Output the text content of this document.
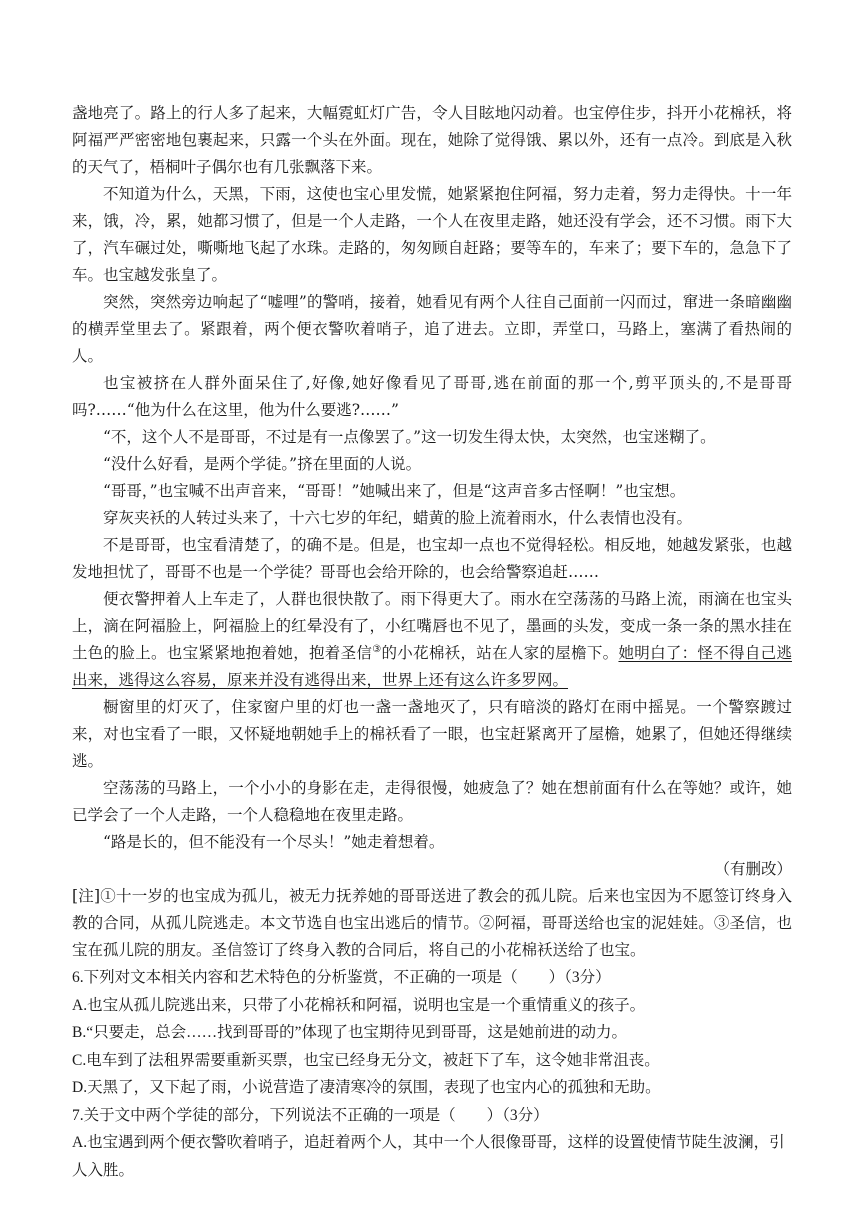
盏地亮了。路上的行人多了起来，大幅霓虹灯广告，令人目眩地闪动着。也宝停住步，抖开小花棉袄，将阿福严严密密地包裹起来，只露一个头在外面。现在，她除了觉得饿、累以外，还有一点冷。到底是入秋的天气了，梧桐叶子偶尔也有几张飘落下来。

不知道为什么，天黑，下雨，这使也宝心里发慌，她紧紧抱住阿福，努力走着，努力走得快。十一年来，饿，冷，累，她都习惯了，但是一个人走路，一个人在夜里走路，她还没有学会，还不习惯。雨下大了，汽车碾过处，嘶嘶地飞起了水珠。走路的，匆匆顾自赶路；要等车的，车来了；要下车的，急急下了车。也宝越发张皇了。

突然，突然旁边响起了“嘘哩”的警哨，接着，她看见有两个人往自己面前一闪而过，窜进一条暗幽幽的横弄堂里去了。紧跟着，两个便衣警吹着哨子，追了进去。立即，弄堂口，马路上，塞满了看热闹的人。

也宝被挤在人群外面呆住了,好像,她好像看见了哥哥,逃在前面的那一个,剪平顶头的,不是哥哥吗?……“他为什么在这里，他为什么要逃?……”

“不，这个人不是哥哥，不过是有一点像罢了。”这一切发生得太快，太突然，也宝迷糊了。

“没什么好看，是两个学徒。”挤在里面的人说。

“哥哥，”也宝喊不出声音来，“哥哥！”她喊出来了，但是“这声音多古怪啊！”也宝想。

穿灰夹袄的人转过头来了，十六七岁的年纪，蜡黄的脸上流着雨水，什么表情也没有。

不是哥哥，也宝看清楚了，的确不是。但是，也宝却一点也不觉得轻松。相反地，她越发紧张，也越发地担忧了，哥哥不也是一个学徒？哥哥也会给开除的，也会给警察追赶……

便衣警押着人上车走了，人群也很快散了。雨下得更大了。雨水在空荡荡的马路上流，雨滴在也宝头上，滴在阿福脸上，阿福脸上的红晕没有了，小红嘴唇也不见了，墨画的头发，变成一条一条的黑水挂在土色的脸上。也宝紧紧地抱着她，抱着圣信③的小花棉袄，站在人家的屋檐下。她明白了：怪不得自己逃出来，逃得这么容易，原来并没有逃得出来，世界上还有这么许多罗网。

橱窗里的灯灭了，住家窗户里的灯也一盏一盏地灭了，只有暗淡的路灯在雨中摇晃。一个警察踱过来，对也宝看了一眼，又怀疑地朝她手上的棉袄看了一眼，也宝赶紧离开了屋檐，她累了，但她还得继续逃。

空荡荡的马路上，一个小小的身影在走，走得很慢，她疲急了？她在想前面有什么在等她？或许，她已学会了一个人走路，一个人稳稳地在夜里走路。

“路是长的，但不能没有一个尽头！”她走着想着。

（有删改）

[注]①十一岁的也宝成为孤儿，被无力抚养她的哥哥送进了教会的孤儿院。后来也宝因为不愿签订终身入教的合同，从孤儿院逃走。本文节选自也宝出逃后的情节。②阿福，哥哥送给也宝的泥娃娃。③圣信，也宝在孤儿院的朋友。圣信签订了终身入教的合同后，将自己的小花棉袄送给了也宝。

6.下列对文本相关内容和艺术特色的分析鉴赏，不正确的一项是（　　）（3分）

A.也宝从孤儿院逃出来，只带了小花棉袄和阿福，说明也宝是一个重情重义的孩子。

B.“只要走，总会……找到哥哥的”体现了也宝期待见到哥哥，这是她前进的动力。

C.电车到了法租界需要重新买票，也宝已经身无分文，被赶下了车，这令她非常沮丧。

D.天黑了，又下起了雨，小说营造了凄清寒冷的氛围，表现了也宝内心的孤独和无助。

7.关于文中两个学徒的部分，下列说法不正确的一项是（　　）（3分）

A.也宝遇到两个便衣警吹着哨子，追赶着两个人，其中一个人很像哥哥，这样的设置使情节陡生波澜，引人入胜。
